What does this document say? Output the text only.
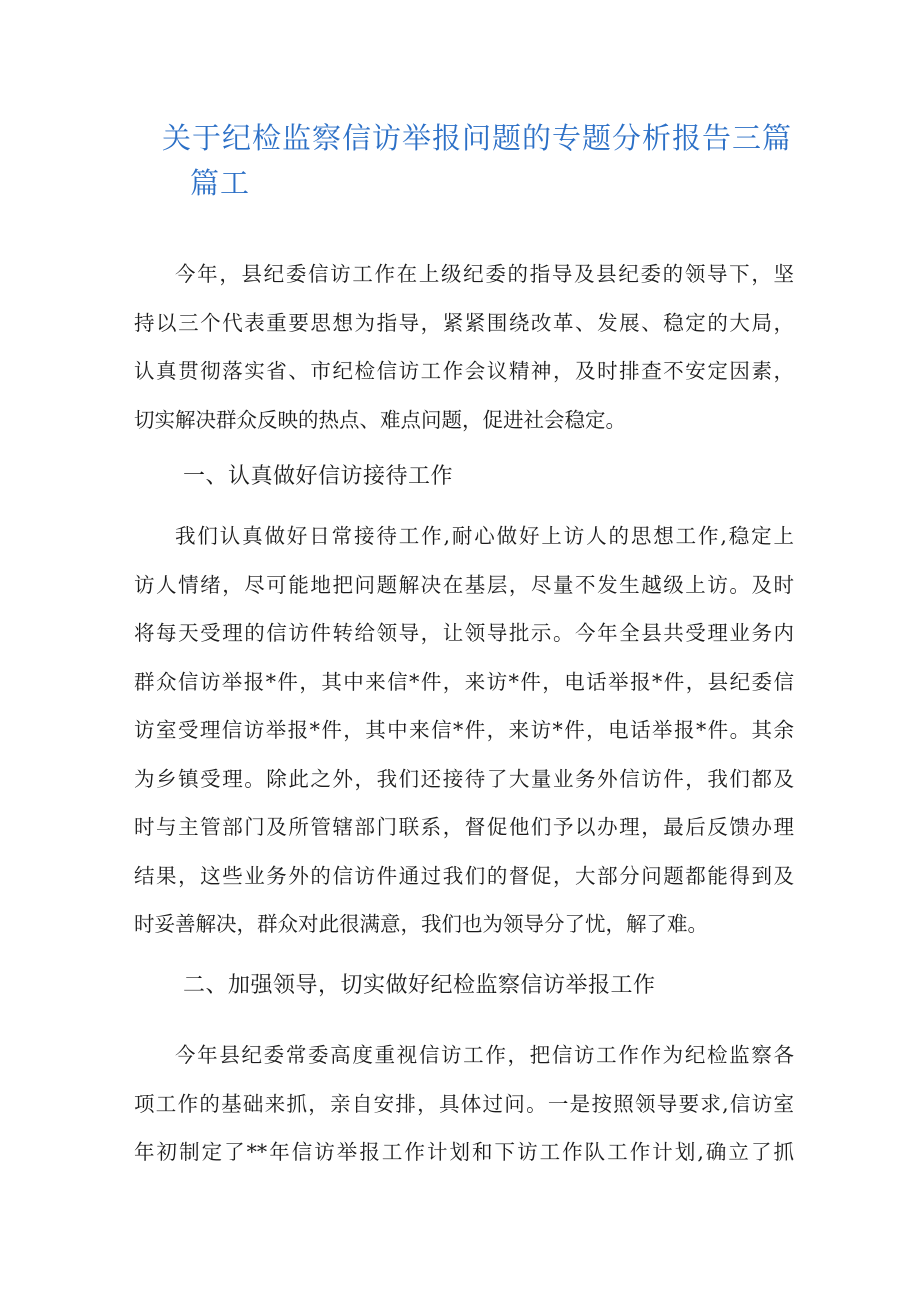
关于纪检监察信访举报问题的专题分析报告三篇
篇工
今年，县纪委信访工作在上级纪委的指导及县纪委的领导下，坚
持以三个代表重要思想为指导，紧紧围绕改革、发展、稳定的大局，
认真贯彻落实省、市纪检信访工作会议精神，及时排查不安定因素，
切实解决群众反映的热点、难点问题，促进社会稳定。
一、认真做好信访接待工作
我们认真做好日常接待工作,耐心做好上访人的思想工作,稳定上
访人情绪，尽可能地把问题解决在基层，尽量不发生越级上访。及时
将每天受理的信访件转给领导，让领导批示。今年全县共受理业务内
群众信访举报*件，其中来信*件，来访*件，电话举报*件，县纪委信
访室受理信访举报*件，其中来信*件，来访*件，电话举报*件。其余
为乡镇受理。除此之外，我们还接待了大量业务外信访件，我们都及
时与主管部门及所管辖部门联系，督促他们予以办理，最后反馈办理
结果，这些业务外的信访件通过我们的督促，大部分问题都能得到及
时妥善解决，群众对此很满意，我们也为领导分了忧，解了难。
二、加强领导，切实做好纪检监察信访举报工作
今年县纪委常委高度重视信访工作，把信访工作作为纪检监察各
项工作的基础来抓，亲自安排，具体过问。一是按照领导要求,信访室
年初制定了**年信访举报工作计划和下访工作队工作计划,确立了抓
